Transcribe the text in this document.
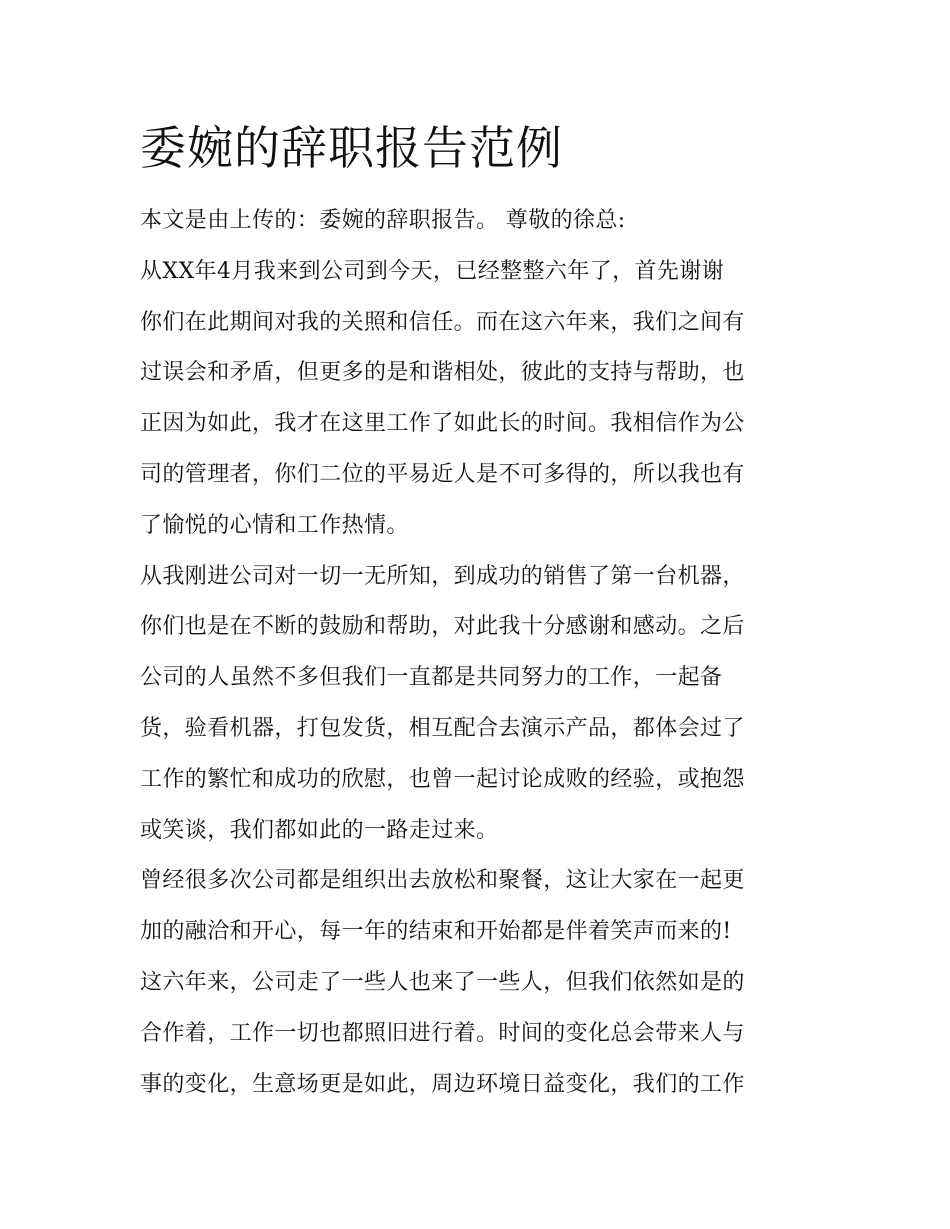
委婉的辞职报告范例
本文是由上传的：委婉的辞职报告。 尊敬的徐总:
从XX年4月我来到公司到今天，已经整整六年了，首先谢谢
你们在此期间对我的关照和信任。而在这六年来，我们之间有
过误会和矛盾，但更多的是和谐相处，彼此的支持与帮助，也
正因为如此，我才在这里工作了如此长的时间。我相信作为公
司的管理者，你们二位的平易近人是不可多得的，所以我也有
了愉悦的心情和工作热情。
从我刚进公司对一切一无所知，到成功的销售了第一台机器，
你们也是在不断的鼓励和帮助，对此我十分感谢和感动。之后
公司的人虽然不多但我们一直都是共同努力的工作，一起备
货，验看机器，打包发货，相互配合去演示产品，都体会过了
工作的繁忙和成功的欣慰，也曾一起讨论成败的经验，或抱怨
或笑谈，我们都如此的一路走过来。
曾经很多次公司都是组织出去放松和聚餐，这让大家在一起更
加的融洽和开心，每一年的结束和开始都是伴着笑声而来的!
这六年来，公司走了一些人也来了一些人，但我们依然如是的
合作着，工作一切也都照旧进行着。时间的变化总会带来人与
事的变化，生意场更是如此，周边环境日益变化，我们的工作
